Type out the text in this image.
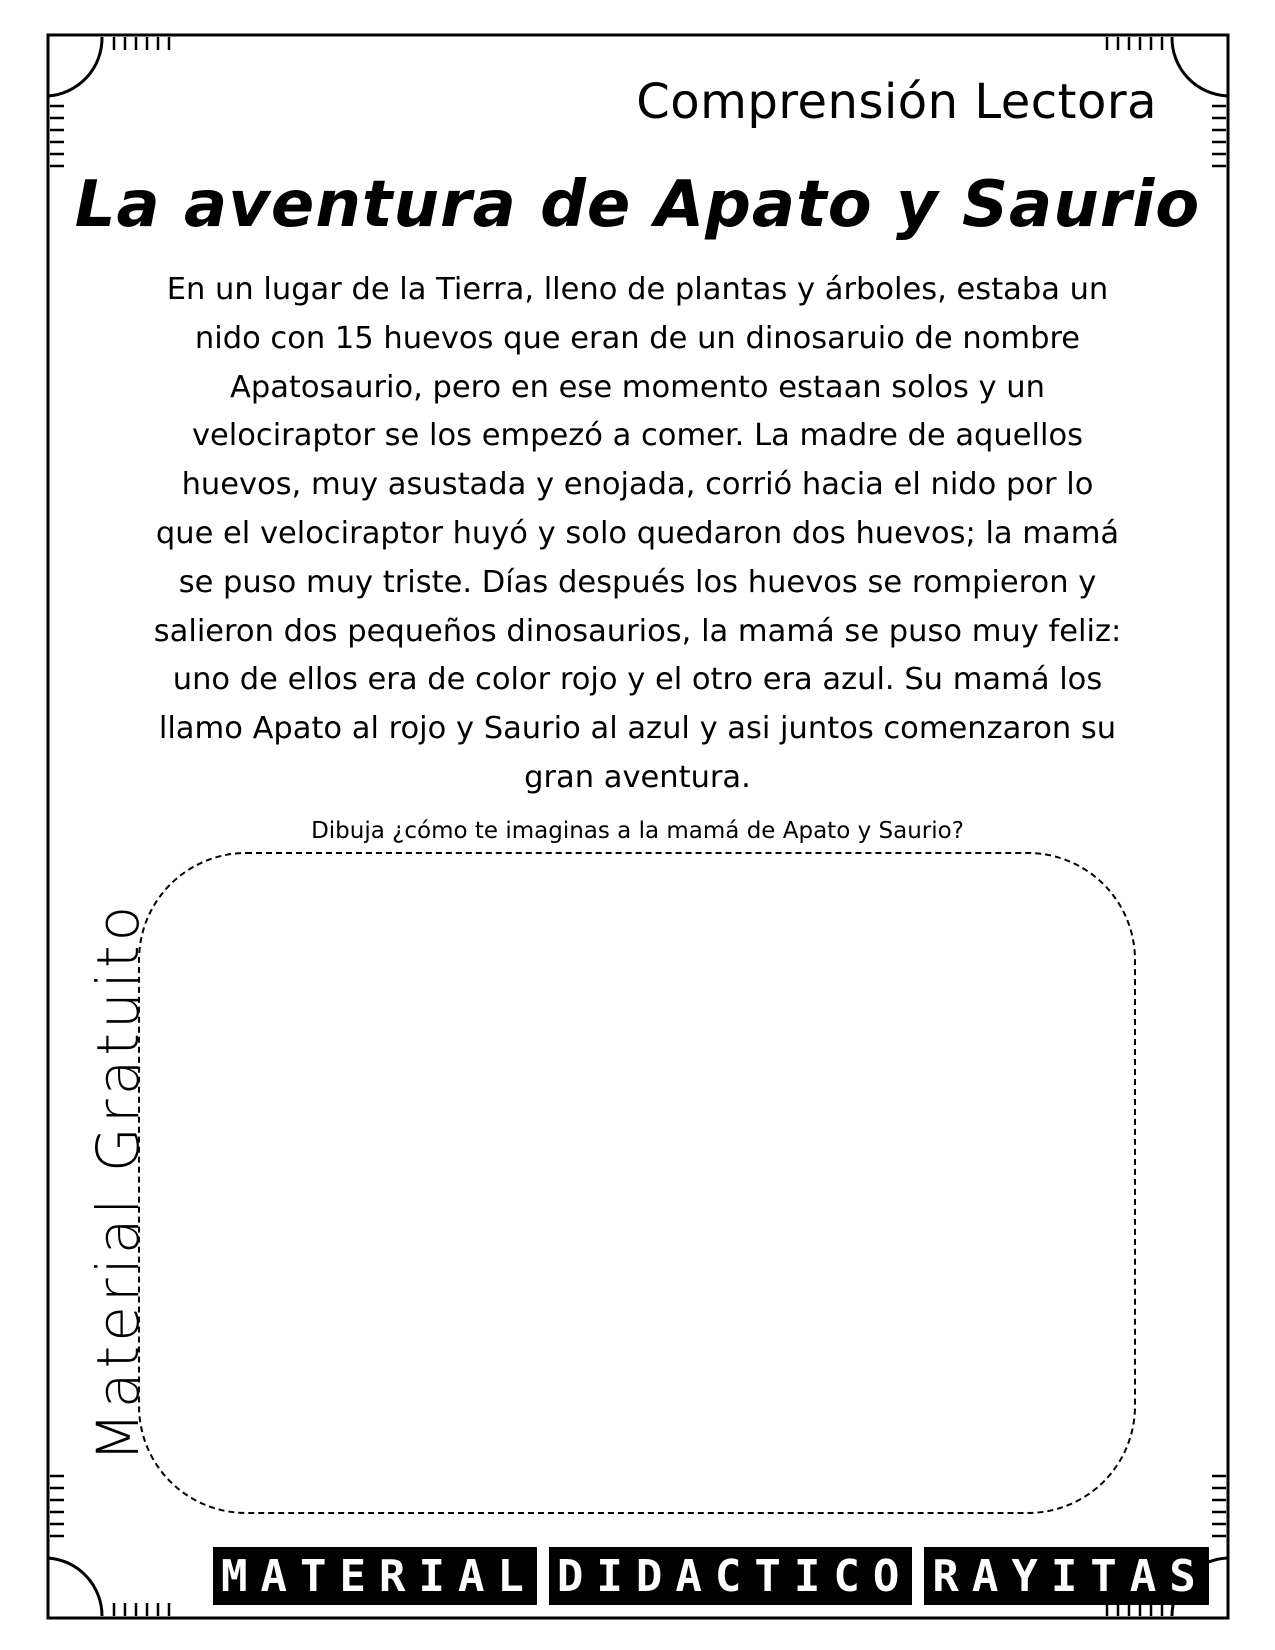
Comprensión Lectora
La aventura de Apato y Saurio
En un lugar de la Tierra, lleno de plantas y árboles, estaba un
nido con 15 huevos que eran de un dinosaruio de nombre
Apatosaurio, pero en ese momento estaan solos y un
velociraptor se los empezó a comer. La madre de aquellos
huevos, muy asustada y enojada, corrió hacia el nido por lo
que el velociraptor huyó y solo quedaron dos huevos; la mamá
se puso muy triste. Días después los huevos se rompieron y
salieron dos pequeños dinosaurios, la mamá se puso muy feliz:
uno de ellos era de color rojo y el otro era azul. Su mamá los
llamo Apato al rojo y Saurio al azul y asi juntos comenzaron su
gran aventura.
Dibuja ¿cómo te imaginas a la mamá de Apato y Saurio?
Material Gratuito
MATERIAL DIDACTICO RAYITAS
